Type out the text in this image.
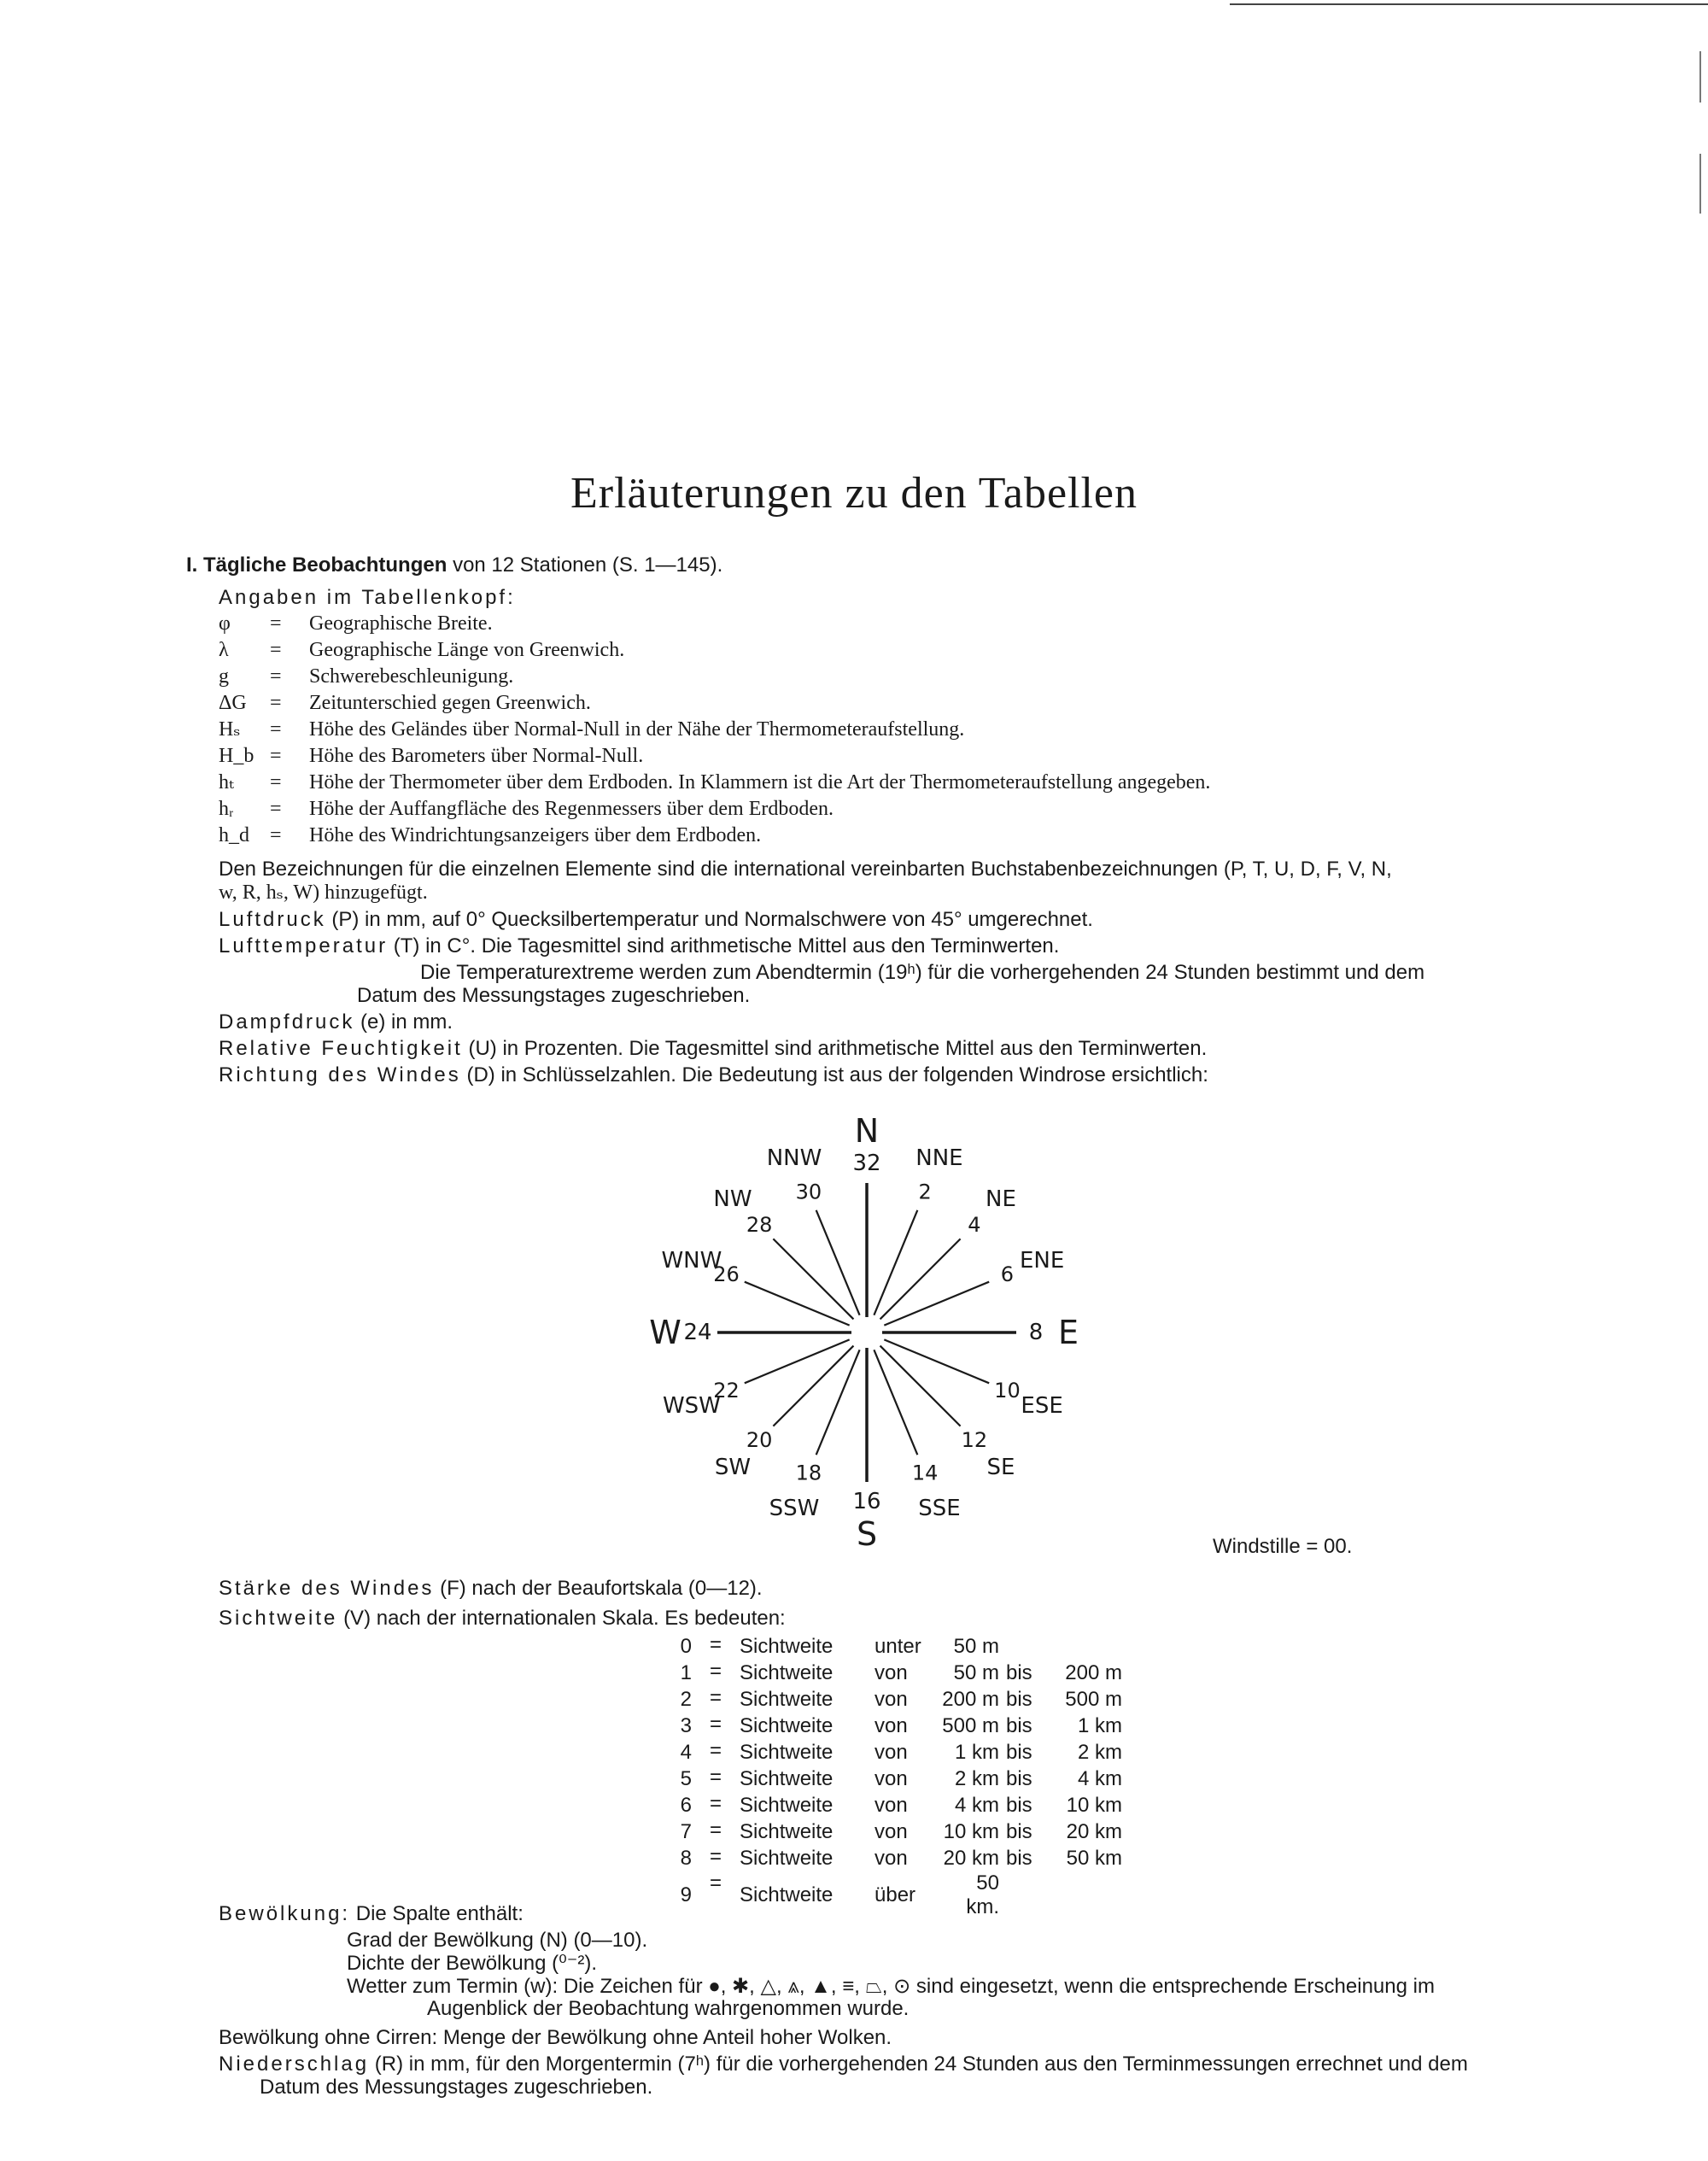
Erläuterungen zu den Tabellen
I. Tägliche Beobachtungen von 12 Stationen (S. 1—145).
Angaben im Tabellenkopf:
φ = Geographische Breite.
λ = Geographische Länge von Greenwich.
g = Schwerebeschleunigung.
ΔG = Zeitunterschied gegen Greenwich.
Hₛ = Höhe des Geländes über Normal-Null in der Nähe der Thermometeraufstellung.
H_b = Höhe des Barometers über Normal-Null.
hₜ = Höhe der Thermometer über dem Erdboden. In Klammern ist die Art der Thermometeraufstellung angegeben.
hᵣ = Höhe der Auffangfläche des Regenmessers über dem Erdboden.
h_d = Höhe des Windrichtungsanzeigers über dem Erdboden.
Den Bezeichnungen für die einzelnen Elemente sind die international vereinbarten Buchstabenbezeichnungen (P, T, U, D, F, V, N,
w, R, hₛ, W) hinzugefügt.
Luftdruck (P) in mm, auf 0° Quecksilbertemperatur und Normalschwere von 45° umgerechnet.
Lufttemperatur (T) in C°. Die Tagesmittel sind arithmetische Mittel aus den Terminwerten.
Die Temperaturextreme werden zum Abendtermin (19ʰ) für die vorhergehenden 24 Stunden bestimmt und dem
Datum des Messungstages zugeschrieben.
Dampfdruck (e) in mm.
Relative Feuchtigkeit (U) in Prozenten. Die Tagesmittel sind arithmetische Mittel aus den Terminwerten.
Richtung des Windes (D) in Schlüsselzahlen. Die Bedeutung ist aus der folgenden Windrose ersichtlich:
32
N
2
NNE
4
NE
6
ENE
8 E
10
ESE
12
SE
14
SSE
16
S
18
SSW
20
SW
22
WSW
24
W
26
WNW
28
NW 30
NNW
Windstille = 00.
Stärke des Windes (F) nach der Beaufortskala (0—12).
Sichtweite (V) nach der internationalen Skala. Es bedeuten:
0	= Sichtweite	unter	50 m		
1	= Sichtweite	von	50 m	bis	200 m
2	= Sichtweite	von	200 m	bis	500 m
3	= Sichtweite	von	500 m	bis	1 km
4	= Sichtweite	von	1 km	bis	2 km
5	= Sichtweite	von	2 km	bis	4 km
6	= Sichtweite	von	4 km	bis	10 km
7	= Sichtweite	von	10 km	bis	20 km
8	= Sichtweite	von	20 km	bis	50 km
9	=Sichtweite	über	50 km.		
Bewölkung: Die Spalte enthält:
Grad der Bewölkung (N) (0—10).
Dichte der Bewölkung (⁰⁻²).
Wetter zum Termin (w): Die Zeichen für ●, ✱, △, ⩓, ▲, ≡, ⏢, ⊙ sind eingesetzt, wenn die entsprechende Erscheinung im
Augenblick der Beobachtung wahrgenommen wurde.
Bewölkung ohne Cirren: Menge der Bewölkung ohne Anteil hoher Wolken.
Niederschlag (R) in mm, für den Morgentermin (7ʰ) für die vorhergehenden 24 Stunden aus den Terminmessungen errechnet und dem
Datum des Messungstages zugeschrieben.
